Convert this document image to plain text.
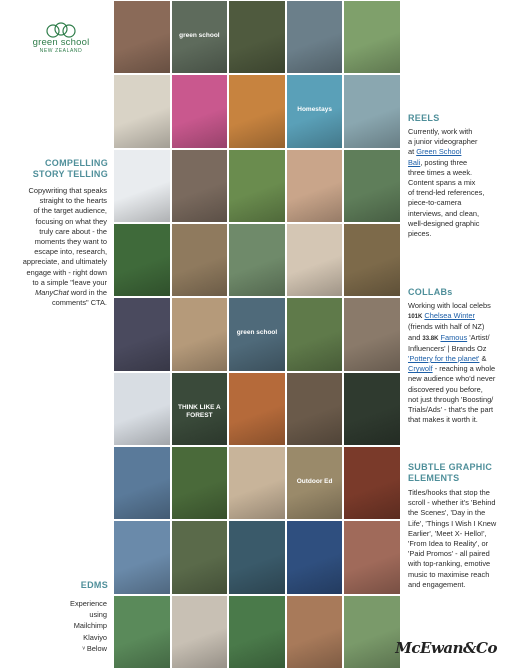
green school
NEW ZEALAND
COMPELLING
STORY TELLING
Copywriting that speaks
straight to the hearts
of the target audience,
focusing on what they
truly care about - the
moments they want to
escape into, research,
appreciate, and ultimately
engage with - right down
to a simple "leave your
ManyChat word in the
comments" CTA.
EDMS
Experience
using
Mailchimp
Klaviyo
ᵛ Below
green school
Homestays
green school
THINK LIKE A FOREST
Outdoor Ed
REELS
Currently, work with
a junior videographer
at Green School
Bali, posting three
three times a week.
Content spans a mix
of trend-led references,
piece-to-camera
interviews, and clean,
well-designed graphic
pieces.
COLLABs
Working with local celebs
101K Chelsea Winter
(friends with half of NZ)
and 33.8K Famous 'Artist/
Influencers' | Brands Oz
'Pottery for the planet' &
Crywolf - reaching a whole
new audience who'd never
discovered you before,
not just through 'Boosting/
Trials/Ads' - that's the part
that makes it worth it.
SUBTLE GRAPHIC
ELEMENTS
Titles/hooks that stop the
scroll - whether it's 'Behind
the Scenes', 'Day in the
Life', 'Things I Wish I Knew
Earlier', 'Meet X- Hello!',
'From Idea to Reality', or
'Paid Promos' - all paired
with top-ranking, emotive
music to maximise reach
and engagement.
McEwan&Co
